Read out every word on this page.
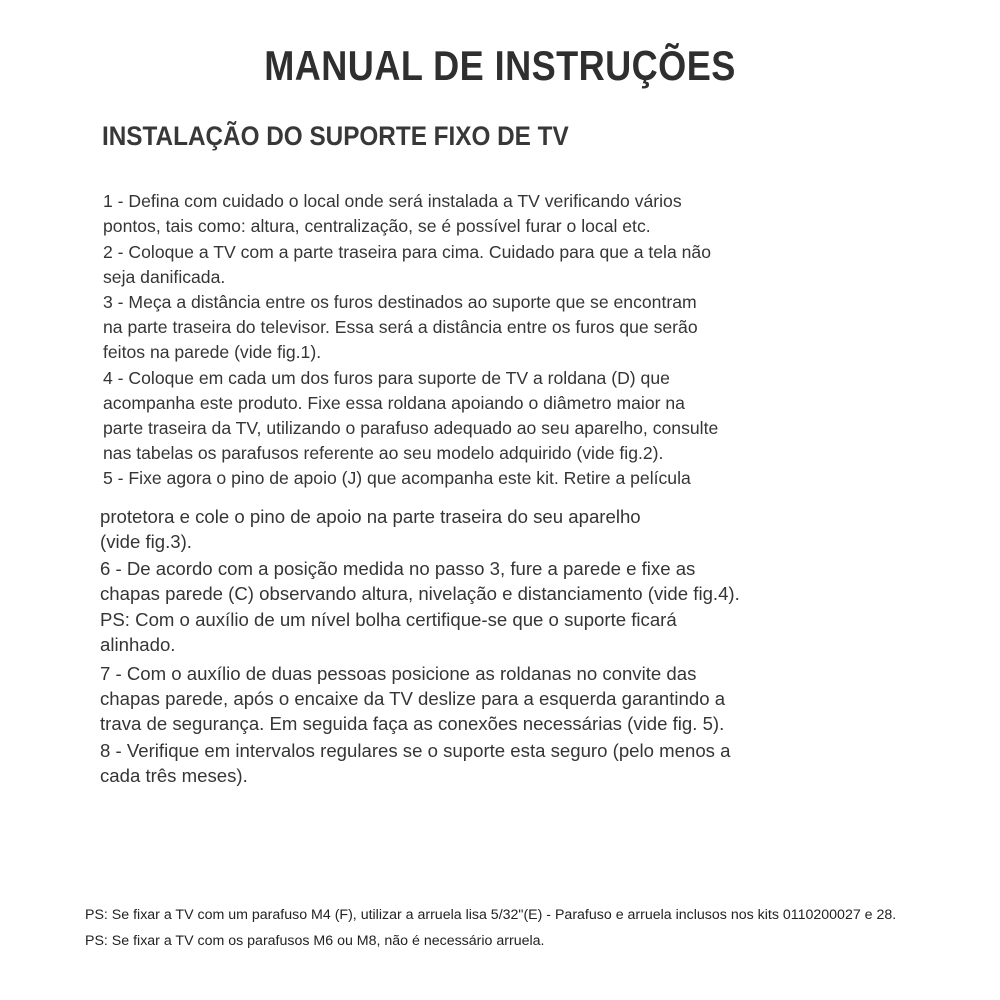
MANUAL DE INSTRUÇÕES
INSTALAÇÃO DO SUPORTE FIXO DE TV
1 - Defina com cuidado o local onde será instalada a TV verificando vários
pontos, tais como: altura, centralização, se é possível furar o local etc.
2 - Coloque a TV com a parte traseira para cima. Cuidado para que a tela não
seja danificada.
3 - Meça a distância entre os furos destinados ao suporte que se encontram
na parte traseira do televisor. Essa será a distância entre os furos que serão
feitos na parede (vide fig.1).
4 - Coloque em cada um dos furos para suporte de TV a roldana (D) que
acompanha este produto. Fixe essa roldana apoiando o diâmetro maior na
parte traseira da TV, utilizando o parafuso adequado ao seu aparelho, consulte
nas tabelas os parafusos referente ao seu modelo adquirido (vide fig.2).
5 - Fixe agora o pino de apoio (J) que acompanha este kit. Retire a película
protetora e cole o pino de apoio na parte traseira do seu aparelho
(vide fig.3).
6 - De acordo com a posição medida no passo 3, fure a parede e fixe as
chapas parede (C) observando altura, nivelação e distanciamento (vide fig.4).
PS: Com o auxílio de um nível bolha certifique-se que o suporte ficará
alinhado.
7 - Com o auxílio de duas pessoas posicione as roldanas no convite das
chapas parede, após o encaixe da TV deslize para a esquerda garantindo a
trava de segurança. Em seguida faça as conexões necessárias (vide fig. 5).
8 - Verifique em intervalos regulares se o suporte esta seguro (pelo menos a
cada três meses).

PS: Se fixar a TV com um parafuso M4 (F), utilizar a arruela lisa 5/32"(E) - Parafuso e arruela inclusos nos kits 0110200027 e 28.

PS: Se fixar a TV com os parafusos M6 ou M8, não é necessário arruela.
